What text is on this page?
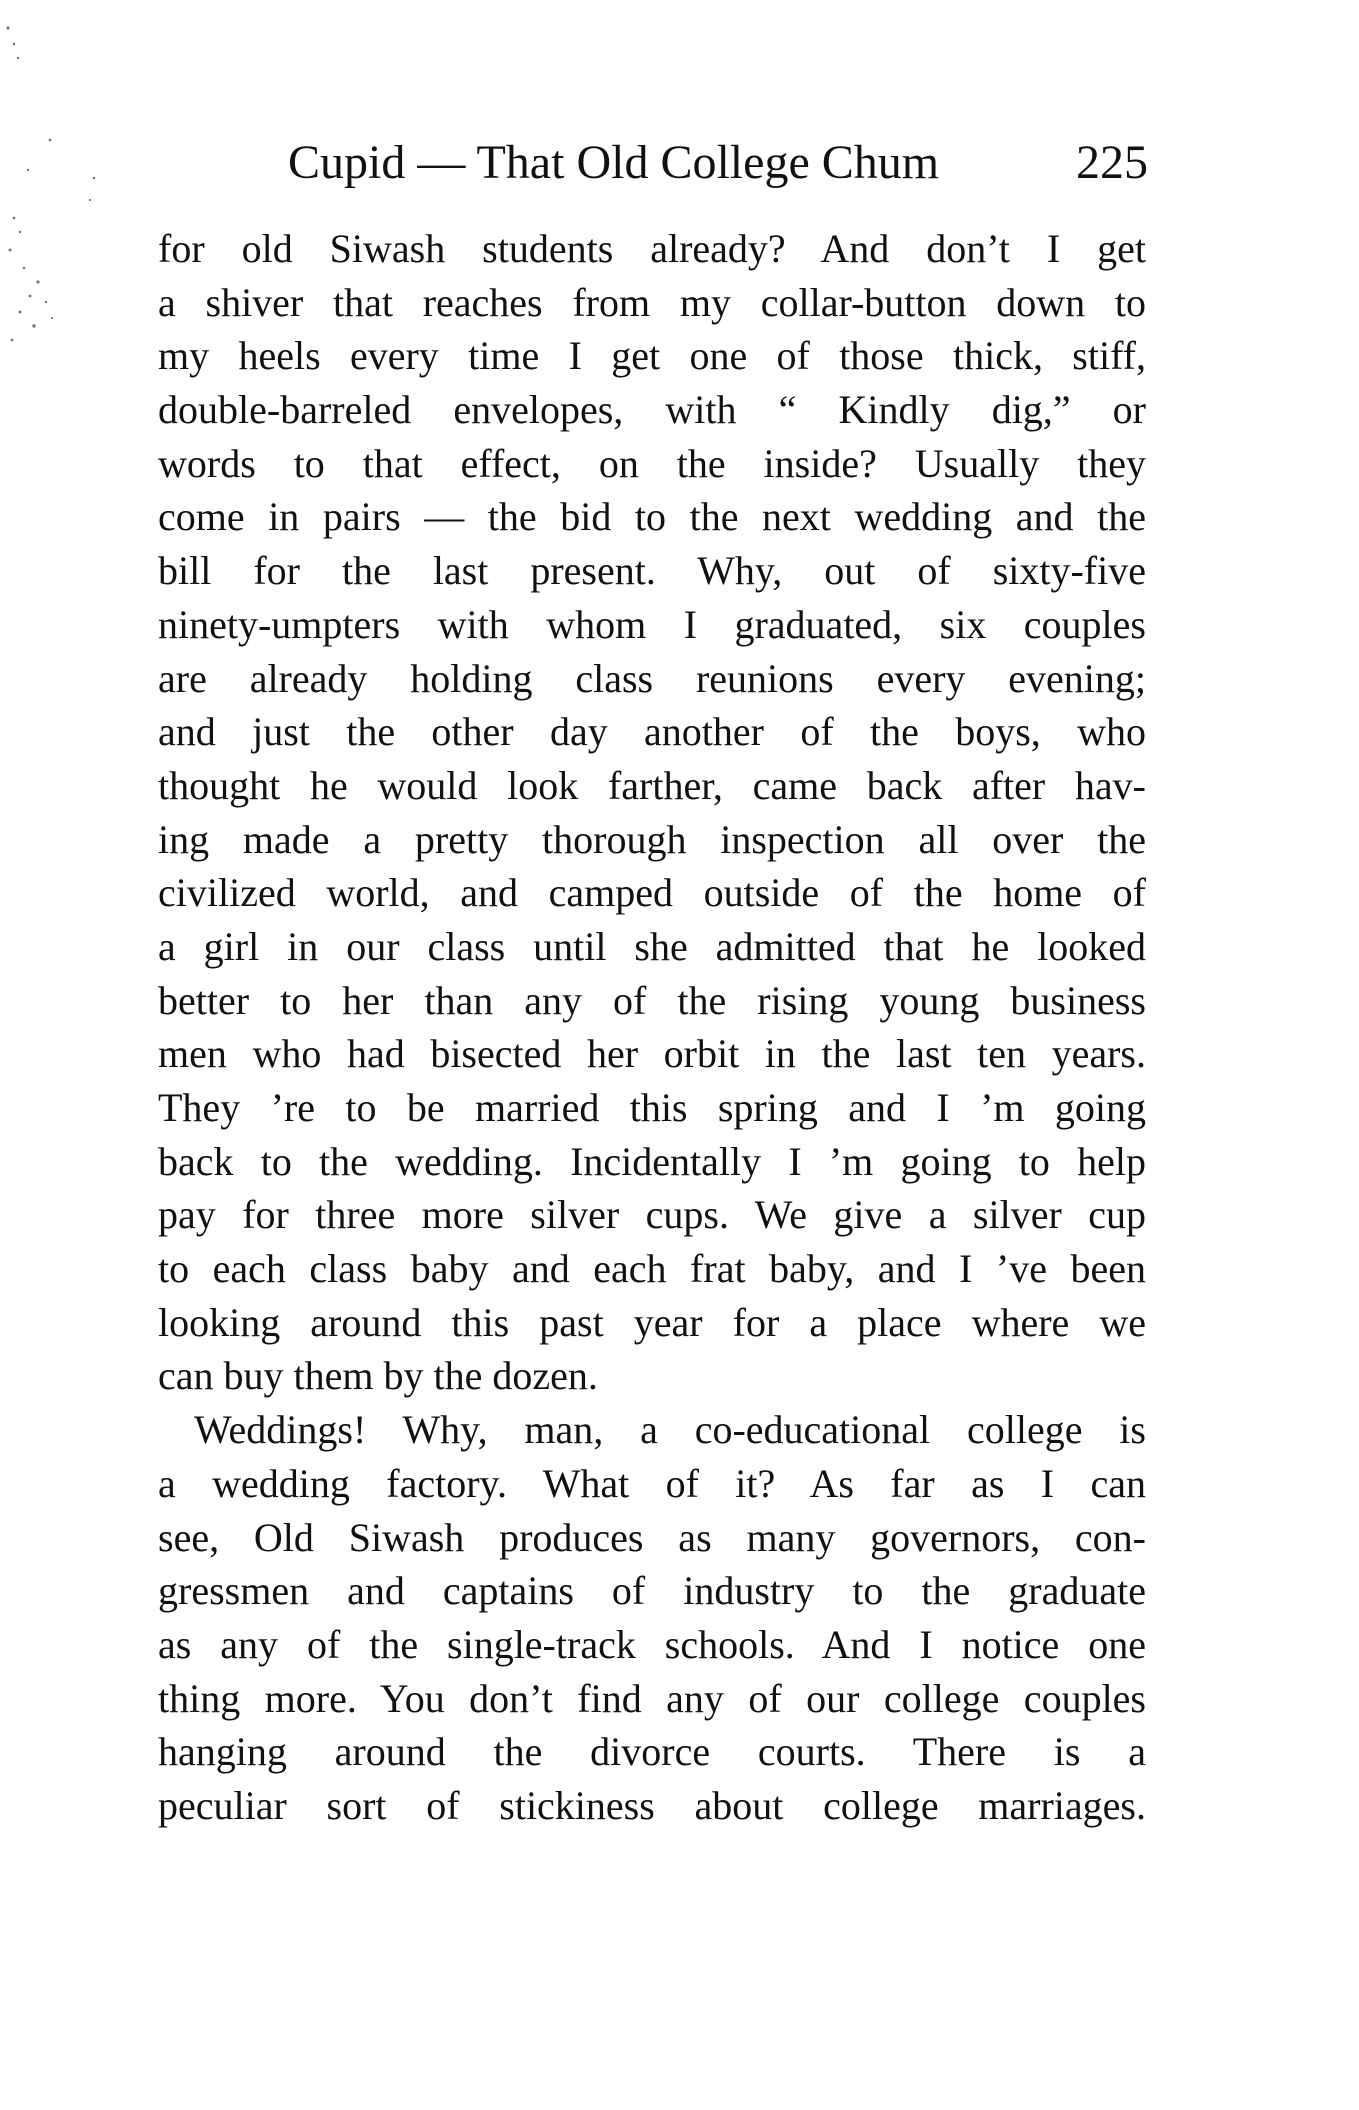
Cupid — That Old College Chum	225
for old Siwash students already? And don’t I get
a shiver that reaches from my collar-button down to
my heels every time I get one of those thick, stiff,
double-barreled envelopes, with “ Kindly dig,” or
words to that effect, on the inside? Usually they
come in pairs — the bid to the next wedding and the
bill for the last present. Why, out of sixty-five
ninety-umpters with whom I graduated, six couples
are already holding class reunions every evening;
and just the other day another of the boys, who
thought he would look farther, came back after hav-
ing made a pretty thorough inspection all over the
civilized world, and camped outside of the home of
a girl in our class until she admitted that he looked
better to her than any of the rising young business
men who had bisected her orbit in the last ten years.
They ’re to be married this spring and I ’m going
back to the wedding. Incidentally I ’m going to help
pay for three more silver cups. We give a silver cup
to each class baby and each frat baby, and I ’ve been
looking around this past year for a place where we
can buy them by the dozen.
Weddings! Why, man, a co-educational college is
a wedding factory. What of it? As far as I can
see, Old Siwash produces as many governors, con-
gressmen and captains of industry to the graduate
as any of the single-track schools. And I notice one
thing more. You don’t find any of our college couples
hanging around the divorce courts. There is a
peculiar sort of stickiness about college marriages.
